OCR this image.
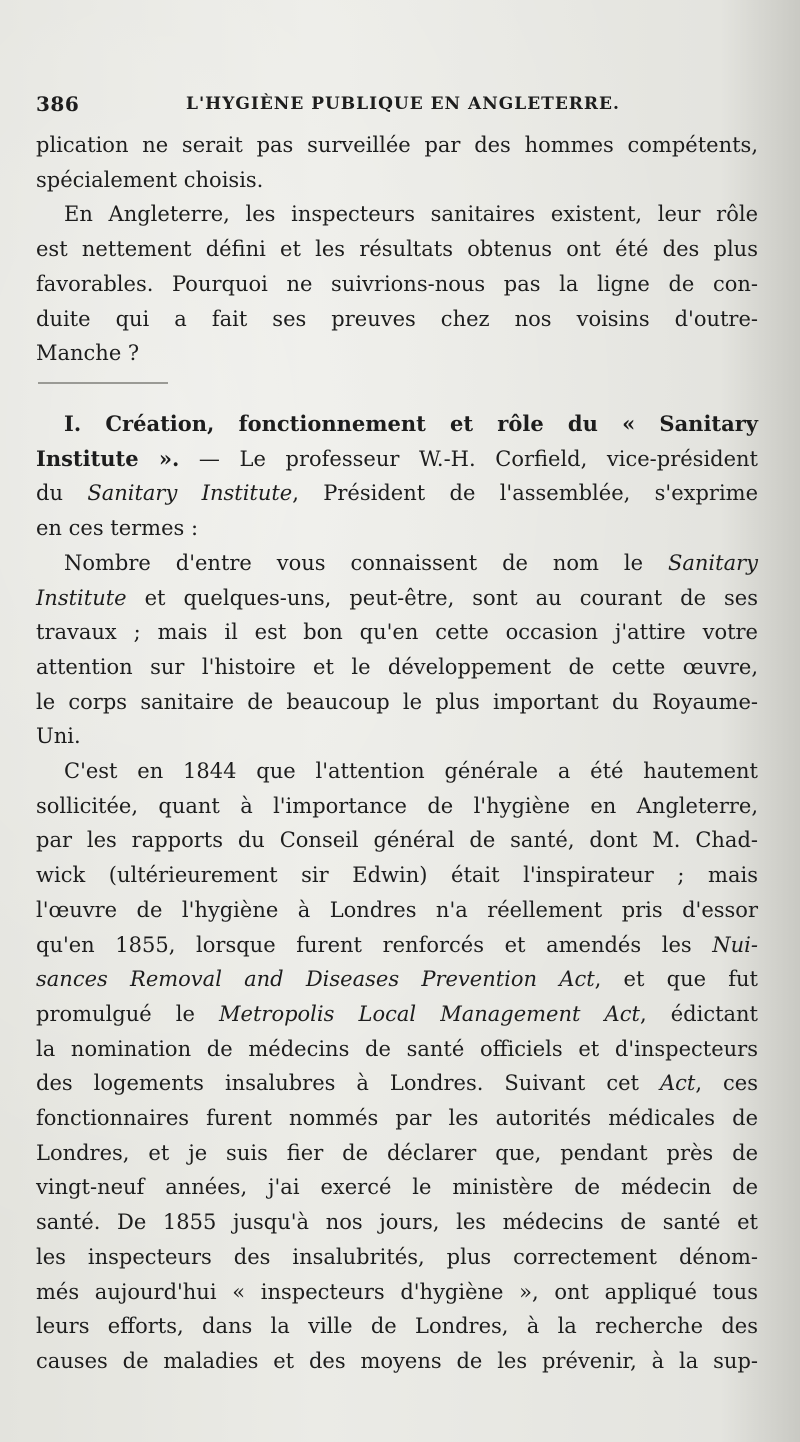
386	L'HYGIÈNE PUBLIQUE EN ANGLETERRE.
plication ne serait pas surveillée par des hommes compétents,
spécialement choisis.
En Angleterre, les inspecteurs sanitaires existent, leur rôle
est nettement défini et les résultats obtenus ont été des plus
favorables. Pourquoi ne suivrions-nous pas la ligne de con-
duite qui a fait ses preuves chez nos voisins d'outre-
Manche ?
I. Création, fonctionnement et rôle du « Sanitary
Institute ». — Le professeur W.-H. Corfield, vice-président
du Sanitary Institute, Président de l'assemblée, s'exprime
en ces termes :
Nombre d'entre vous connaissent de nom le Sanitary
Institute et quelques-uns, peut-être, sont au courant de ses
travaux ; mais il est bon qu'en cette occasion j'attire votre
attention sur l'histoire et le développement de cette œuvre,
le corps sanitaire de beaucoup le plus important du Royaume-
Uni.
C'est en 1844 que l'attention générale a été hautement
sollicitée, quant à l'importance de l'hygiène en Angleterre,
par les rapports du Conseil général de santé, dont M. Chad-
wick (ultérieurement sir Edwin) était l'inspirateur ; mais
l'œuvre de l'hygiène à Londres n'a réellement pris d'essor
qu'en 1855, lorsque furent renforcés et amendés les Nui-
sances Removal and Diseases Prevention Act, et que fut
promulgué le Metropolis Local Management Act, édictant
la nomination de médecins de santé officiels et d'inspecteurs
des logements insalubres à Londres. Suivant cet Act, ces
fonctionnaires furent nommés par les autorités médicales de
Londres, et je suis fier de déclarer que, pendant près de
vingt-neuf années, j'ai exercé le ministère de médecin de
santé. De 1855 jusqu'à nos jours, les médecins de santé et
les inspecteurs des insalubrités, plus correctement dénom-
més aujourd'hui « inspecteurs d'hygiène », ont appliqué tous
leurs efforts, dans la ville de Londres, à la recherche des
causes de maladies et des moyens de les prévenir, à la sup-
